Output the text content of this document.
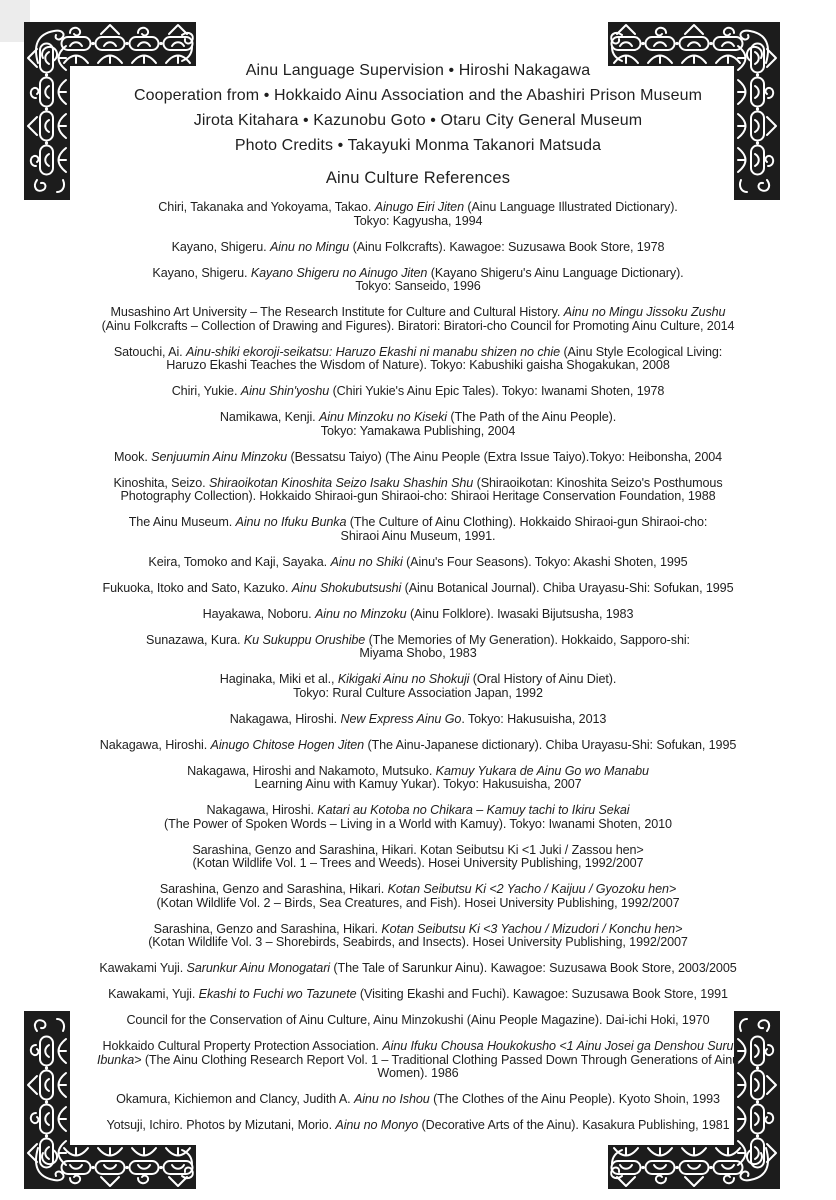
Ainu Language Supervision • Hiroshi Nakagawa

Cooperation from • Hokkaido Ainu Association and the Abashiri Prison Museum

Jirota Kitahara • Kazunobu Goto • Otaru City General Museum

Photo Credits • Takayuki Monma Takanori Matsuda

Ainu Culture References

Chiri, Takanaka and Yokoyama, Takao. Ainugo Eiri Jiten (Ainu Language Illustrated Dictionary).
Tokyo: Kagyusha, 1994

Kayano, Shigeru. Ainu no Mingu (Ainu Folkcrafts). Kawagoe: Suzusawa Book Store, 1978

Kayano, Shigeru. Kayano Shigeru no Ainugo Jiten (Kayano Shigeru's Ainu Language Dictionary).
Tokyo: Sanseido, 1996

Musashino Art University – The Research Institute for Culture and Cultural History. Ainu no Mingu Jissoku Zushu
(Ainu Folkcrafts – Collection of Drawing and Figures). Biratori: Biratori-cho Council for Promoting Ainu Culture, 2014

Satouchi, Ai. Ainu-shiki ekoroji-seikatsu: Haruzo Ekashi ni manabu shizen no chie (Ainu Style Ecological Living:
Haruzo Ekashi Teaches the Wisdom of Nature). Tokyo: Kabushiki gaisha Shogakukan, 2008

Chiri, Yukie. Ainu Shin'yoshu (Chiri Yukie's Ainu Epic Tales). Tokyo: Iwanami Shoten, 1978

Namikawa, Kenji. Ainu Minzoku no Kiseki (The Path of the Ainu People).
Tokyo: Yamakawa Publishing, 2004

Mook. Senjuumin Ainu Minzoku (Bessatsu Taiyo) (The Ainu People (Extra Issue Taiyo).Tokyo: Heibonsha, 2004

Kinoshita, Seizo. Shiraoikotan Kinoshita Seizo Isaku Shashin Shu (Shiraoikotan: Kinoshita Seizo's Posthumous
Photography Collection). Hokkaido Shiraoi-gun Shiraoi-cho: Shiraoi Heritage Conservation Foundation, 1988

The Ainu Museum. Ainu no Ifuku Bunka (The Culture of Ainu Clothing). Hokkaido Shiraoi-gun Shiraoi-cho:
Shiraoi Ainu Museum, 1991.

Keira, Tomoko and Kaji, Sayaka. Ainu no Shiki (Ainu's Four Seasons). Tokyo: Akashi Shoten, 1995

Fukuoka, Itoko and Sato, Kazuko. Ainu Shokubutsushi (Ainu Botanical Journal). Chiba Urayasu-Shi: Sofukan, 1995

Hayakawa, Noboru. Ainu no Minzoku (Ainu Folklore). Iwasaki Bijutsusha, 1983

Sunazawa, Kura. Ku Sukuppu Orushibe (The Memories of My Generation). Hokkaido, Sapporo-shi:
Miyama Shobo, 1983

Haginaka, Miki et al., Kikigaki Ainu no Shokuji (Oral History of Ainu Diet).
Tokyo: Rural Culture Association Japan, 1992

Nakagawa, Hiroshi. New Express Ainu Go. Tokyo: Hakusuisha, 2013

Nakagawa, Hiroshi. Ainugo Chitose Hogen Jiten (The Ainu-Japanese dictionary). Chiba Urayasu-Shi: Sofukan, 1995

Nakagawa, Hiroshi and Nakamoto, Mutsuko. Kamuy Yukara de Ainu Go wo Manabu
Learning Ainu with Kamuy Yukar). Tokyo: Hakusuisha, 2007

Nakagawa, Hiroshi. Katari au Kotoba no Chikara – Kamuy tachi to Ikiru Sekai
(The Power of Spoken Words – Living in a World with Kamuy). Tokyo: Iwanami Shoten, 2010

Sarashina, Genzo and Sarashina, Hikari. Kotan Seibutsu Ki <1 Juki / Zassou hen>
(Kotan Wildlife Vol. 1 – Trees and Weeds). Hosei University Publishing, 1992/2007

Sarashina, Genzo and Sarashina, Hikari. Kotan Seibutsu Ki <2 Yacho / Kaijuu / Gyozoku hen>
(Kotan Wildlife Vol. 2 – Birds, Sea Creatures, and Fish). Hosei University Publishing, 1992/2007

Sarashina, Genzo and Sarashina, Hikari. Kotan Seibutsu Ki <3 Yachou / Mizudori / Konchu hen>
(Kotan Wildlife Vol. 3 – Shorebirds, Seabirds, and Insects). Hosei University Publishing, 1992/2007

Kawakami Yuji. Sarunkur Ainu Monogatari (The Tale of Sarunkur Ainu). Kawagoe: Suzusawa Book Store, 2003/2005

Kawakami, Yuji. Ekashi to Fuchi wo Tazunete (Visiting Ekashi and Fuchi). Kawagoe: Suzusawa Book Store, 1991

Council for the Conservation of Ainu Culture, Ainu Minzokushi (Ainu People Magazine). Dai-ichi Hoki, 1970

Hokkaido Cultural Property Protection Association. Ainu Ifuku Chousa Houkokusho <1 Ainu Josei ga Denshou Suru
Ibunka> (The Ainu Clothing Research Report Vol. 1 – Traditional Clothing Passed Down Through Generations of Ainu
Women). 1986

Okamura, Kichiemon and Clancy, Judith A. Ainu no Ishou (The Clothes of the Ainu People). Kyoto Shoin, 1993

Yotsuji, Ichiro. Photos by Mizutani, Morio. Ainu no Monyo (Decorative Arts of the Ainu). Kasakura Publishing, 1981
